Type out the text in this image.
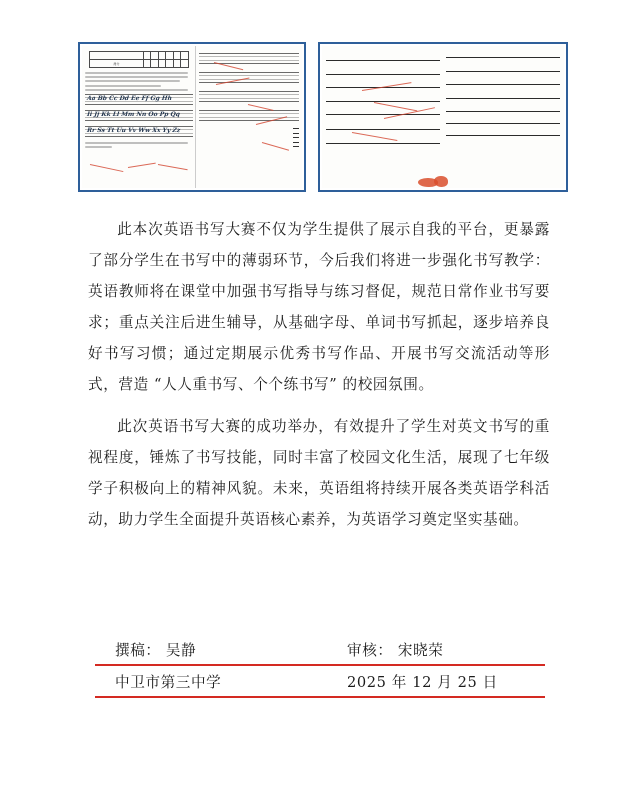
得分						
Aa Bb Cc Dd Ee Ff Gg Hh
Ii Jj Kk Ll Mm Nn Oo Pp Qq
Rr Ss Tt Uu Vv Ww Xx Yy Zz

此本次英语书写大赛不仅为学生提供了展示自我的平台，更暴露了部分学生在书写中的薄弱环节，今后我们将进一步强化书写教学：英语教师将在课堂中加强书写指导与练习督促，规范日常作业书写要求；重点关注后进生辅导，从基础字母、单词书写抓起，逐步培养良好书写习惯；通过定期展示优秀书写作品、开展书写交流活动等形式，营造 “人人重书写、个个练书写” 的校园氛围。

此次英语书写大赛的成功举办，有效提升了学生对英文书写的重视程度，锤炼了书写技能，同时丰富了校园文化生活，展现了七年级学子积极向上的精神风貌。未来，英语组将持续开展各类英语学科活动，助力学生全面提升英语核心素养，为英语学习奠定坚实基础。

撰稿： 吴静	审核： 宋晓荣
中卫市第三中学	2025 年 12 月 25 日
